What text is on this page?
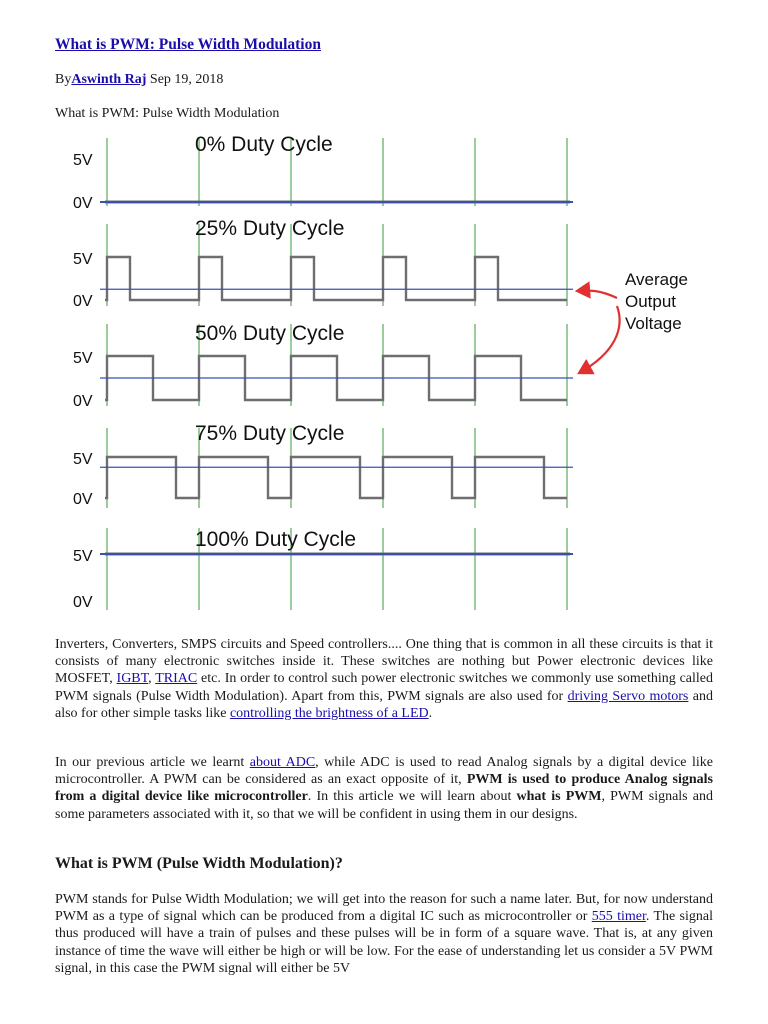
What is PWM: Pulse Width Modulation
ByAswinth Raj Sep 19, 2018
What is PWM: Pulse Width Modulation
0% Duty Cycle
5V
0V
25% Duty Cycle
5V
0V
50% Duty Cycle
5V
0V
75% Duty Cycle
5V
0V
100% Duty Cycle
5V
0V
Average
Output
Voltage

Inverters, Converters, SMPS circuits and Speed controllers.... One thing that is common in all these circuits is that it consists of many electronic switches inside it. These switches are nothing but Power electronic devices like MOSFET, IGBT, TRIAC etc. In order to control such power electronic switches we commonly use something called PWM signals (Pulse Width Modulation). Apart from this, PWM signals are also used for driving Servo motors and also for other simple tasks like controlling the brightness of a LED.

In our previous article we learnt about ADC, while ADC is used to read Analog signals by a digital device like microcontroller. A PWM can be considered as an exact opposite of it, PWM is used to produce Analog signals from a digital device like microcontroller. In this article we will learn about what is PWM, PWM signals and some parameters associated with it, so that we will be confident in using them in our designs.

What is PWM (Pulse Width Modulation)?

PWM stands for Pulse Width Modulation; we will get into the reason for such a name later. But, for now understand PWM as a type of signal which can be produced from a digital IC such as microcontroller or 555 timer. The signal thus produced will have a train of pulses and these pulses will be in form of a square wave. That is, at any given instance of time the wave will either be high or will be low. For the ease of understanding let us consider a 5V PWM signal, in this case the PWM signal will either be 5V
